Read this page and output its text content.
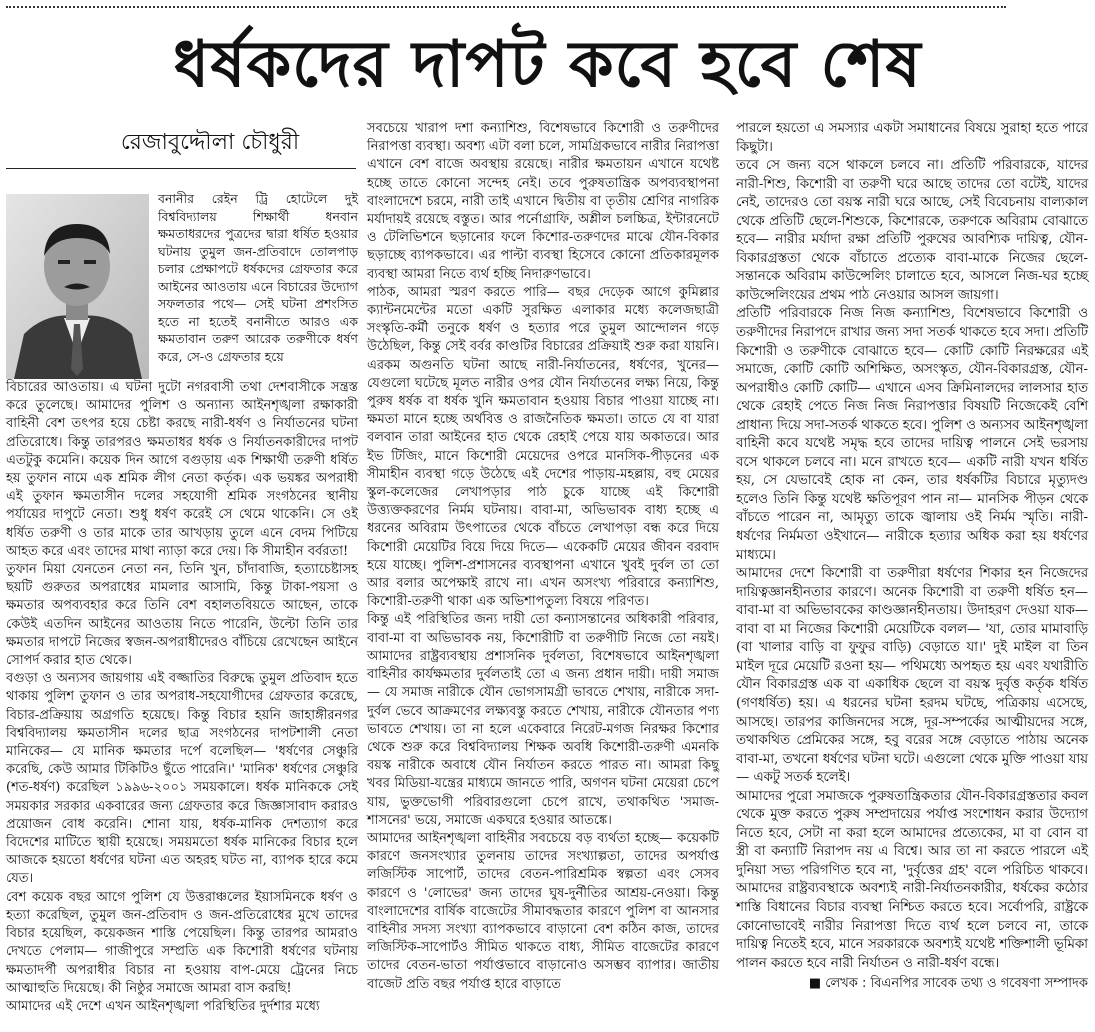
ধর্ষকদের দাপট কবে হবে শেষ
রেজাবুদ্দৌলা চৌধুরী

বনানীর রেইন ট্রি হোটেলে দুই বিশ্ববিদ্যালয় শিক্ষার্থী ধনবান ক্ষমতাধরদের পুত্রদের দ্বারা ধর্ষিত হওয়ার ঘটনায় তুমুল জন-প্রতিবাদে তোলপাড় চলার প্রেক্ষাপটে ধর্ষকদের গ্রেফতার করে আইনের আওতায় এনে বিচারের উদ্যোগ সফলতার পথে— সেই ঘটনা প্রশংসিত হতে না হতেই বনানীতে আরও এক ক্ষমতাবান তরুণ আরেক তরুণীকে ধর্ষণ করে, সে-ও গ্রেফতার হয়ে

বিচারের আওতায়। এ ঘটনা দুটো নগরবাসী তথা দেশবাসীকে সন্ত্রস্ত করে তুলেছে। আমাদের পুলিশ ও অন্যান্য আইনশৃঙ্খলা রক্ষাকারী বাহিনী বেশ তৎপর হয়ে চেষ্টা করছে নারী-ধর্ষণ ও নির্যাতনের ঘটনা প্রতিরোধে। কিন্তু তারপরও ক্ষমতাধর ধর্ষক ও নির্যাতনকারীদের দাপট এতটুকু কমেনি। কয়েক দিন আগে বগুড়ায় এক শিক্ষার্থী তরুণী ধর্ষিত হয় তুফান নামে এক শ্রমিক লীগ নেতা কর্তৃক। এক ভয়ঙ্কর অপরাধী এই তুফান ক্ষমতাসীন দলের সহযোগী শ্রমিক সংগঠনের স্থানীয় পর্যায়ের দাপুটে নেতা। শুধু ধর্ষণ করেই সে থেমে থাকেনি। সে ওই ধর্ষিত তরুণী ও তার মাকে তার আখড়ায় তুলে এনে বেদম পিটিয়ে আহত করে এবং তাদের মাথা ন্যাড়া করে দেয়। কি সীমাহীন বর্বরতা!

তুফান মিয়া যেনতেন নেতা নন, তিনি খুন, চাঁদাবাজি, হত্যাচেষ্টাসহ ছয়টি গুরুতর অপরাধের মামলার আসামি, কিন্তু টাকা-পয়সা ও ক্ষমতার অপব্যবহার করে তিনি বেশ বহালতবিয়তে আছেন, তাকে কেউই এতদিন আইনের আওতায় নিতে পারেনি, উল্টো তিনি তার ক্ষমতার দাপটে নিজের স্বজন-অপরাধীদেরও বাঁচিয়ে রেখেছেন আইনে সোপর্দ করার হাত থেকে।

বগুড়া ও অন্যসব জায়গায় এই বজ্জাতির বিরুদ্ধে তুমুল প্রতিবাদ হতে থাকায় পুলিশ তুফান ও তার অপরাধ-সহযোগীদের গ্রেফতার করেছে, বিচার-প্রক্রিয়ায় অগ্রগতি হয়েছে। কিন্তু বিচার হয়নি জাহাঙ্গীরনগর বিশ্ববিদ্যালয় ক্ষমতাসীন দলের ছাত্র সংগঠনের দাপটশালী নেতা মানিকের— যে মানিক ক্ষমতার দর্পে বলেছিল— 'ধর্ষণের সেঞ্চুরি করেছি, কেউ আমার টিকিটিও ছুঁতে পারেনি।' 'মানিক' ধর্ষণের সেঞ্চুরি (শত-ধর্ষণ) করেছিল ১৯৯৬-২০০১ সময়কালে। ধর্ষক মানিককে সেই সময়কার সরকার একবারের জন্য গ্রেফতার করে জিজ্ঞাসাবাদ করারও প্রয়োজন বোধ করেনি। শোনা যায়, ধর্ষক-মানিক দেশত্যাগ করে বিদেশের মাটিতে স্থায়ী হয়েছে। সময়মতো ধর্ষক মানিকের বিচার হলে আজকে হয়তো ধর্ষণের ঘটনা এত অহরহ ঘটত না, ব্যাপক হারে কমে যেত।

বেশ কয়েক বছর আগে পুলিশ যে উত্তরাঞ্চলের ইয়াসমিনকে ধর্ষণ ও হত্যা করেছিল, তুমুল জন-প্রতিবাদ ও জন-প্রতিরোধের মুখে তাদের বিচার হয়েছিল, কয়েকজন শাস্তি পেয়েছিল। কিন্তু তারপর আমরাও দেখতে পেলাম— গাজীপুরে সম্প্রতি এক কিশোরী ধর্ষণের ঘটনায় ক্ষমতাদর্পী অপরাধীর বিচার না হওয়ায় বাপ-মেয়ে ট্রেনের নিচে আত্মাহুতি দিয়েছে। কী নিষ্ঠুর সমাজে আমরা বাস করছি!

আমাদের এই দেশে এখন আইনশৃঙ্খলা পরিস্থিতির দুর্দশার মধ্যে

সবচেয়ে খারাপ দশা কন্যাশিশু, বিশেষভাবে কিশোরী ও তরুণীদের নিরাপত্তা ব্যবস্থা। অবশ্য এটা বলা চলে, সামগ্রিকভাবে নারীর নিরাপত্তা এখানে বেশ বাজে অবস্থায় রয়েছে। নারীর ক্ষমতায়ন এখানে যথেষ্ট হচ্ছে তাতে কোনো সন্দেহ নেই। তবে পুরুষতান্ত্রিক অপব্যবস্থাপনা বাংলাদেশে চরমে, নারী তাই এখানে দ্বিতীয় বা তৃতীয় শ্রেণির নাগরিক মর্যাদায়ই রয়েছে বস্তুত। আর পর্নোগ্রাফি, অশ্লীল চলচ্চিত্র, ইন্টারনেটে ও টেলিভিশনে ছড়ানোর ফলে কিশোর-তরুণদের মাঝে যৌন-বিকার ছড়াচ্ছে ব্যাপকভাবে। এর পাল্টা ব্যবস্থা হিসেবে কোনো প্রতিকারমূলক ব্যবস্থা আমরা নিতে ব্যর্থ হচ্ছি নিদারুণভাবে।

পাঠক, আমরা স্মরণ করতে পারি— বছর দেড়েক আগে কুমিল্লার ক্যান্টনমেন্টের মতো একটি সুরক্ষিত এলাকার মধ্যে কলেজছাত্রী সংস্কৃতি-কর্মী তনুকে ধর্ষণ ও হত্যার পরে তুমুল আন্দোলন গড়ে উঠেছিল, কিন্তু সেই বর্বর কাণ্ডটির বিচারের প্রক্রিয়াই শুরু করা যায়নি। এরকম অগুনতি ঘটনা আছে নারী-নির্যাতনের, ধর্ষণের, খুনের— যেগুলো ঘটেছে মূলত নারীর ওপর যৌন নির্যাতনের লক্ষ্য নিয়ে, কিন্তু পুরুষ ধর্ষক বা ধর্ষক খুনি ক্ষমতাবান হওয়ায় বিচার পাওয়া যাচ্ছে না। ক্ষমতা মানে হচ্ছে অর্থবিত্ত ও রাজনৈতিক ক্ষমতা। তাতে যে বা যারা বলবান তারা আইনের হাত থেকে রেহাই পেয়ে যায় অকাতরে। আর ইভ টিজিং, মানে কিশোরী মেয়েদের ওপরে মানসিক-পীড়নের এক সীমাহীন ব্যবস্থা গড়ে উঠেছে এই দেশের পাড়ায়-মহল্লায়, বহু মেয়ের স্কুল-কলেজের লেখাপড়ার পাঠ চুকে যাচ্ছে এই কিশোরী উত্ত্যক্তকরণের নির্মম ঘটনায়। বাবা-মা, অভিভাবক বাধ্য হচ্ছে এ ধরনের অবিরাম উৎপাতের থেকে বাঁচতে লেখাপড়া বন্ধ করে দিয়ে কিশোরী মেয়েটির বিয়ে দিয়ে দিতে— একেকটি মেয়ের জীবন বরবাদ হয়ে যাচ্ছে। পুলিশ-প্রশাসনের ব্যবস্থাপনা এখানে খুবই দুর্বল তা তো আর বলার অপেক্ষাই রাখে না। এখন অসংখ্য পরিবারে কন্যাশিশু, কিশোরী-তরুণী থাকা এক অভিশাপতুল্য বিষয়ে পরিণত।

কিন্তু এই পরিস্থিতির জন্য দায়ী তো কন্যাসন্তানের অধিকারী পরিবার, বাবা-মা বা অভিভাবক নয়, কিশোরীটি বা তরুণীটি নিজে তো নয়ই। আমাদের রাষ্ট্রব্যবস্থায় প্রশাসনিক দুর্বলতা, বিশেষভাবে আইনশৃঙ্খলা বাহিনীর কার্যক্ষমতার দুর্বলতাই তো এ জন্য প্রধান দায়ী। দায়ী সমাজ— যে সমাজ নারীকে যৌন ভোগসামগ্রী ভাবতে শেখায়, নারীকে সদা-দুর্বল ভেবে আক্রমণের লক্ষ্যবস্তু করতে শেখায়, নারীকে যৌনতার পণ্য ভাবতে শেখায়। তা না হলে একেবারে নিরেট-মগজ নিরক্ষর কিশোর থেকে শুরু করে বিশ্ববিদ্যালয় শিক্ষক অবধি কিশোরী-তরুণী এমনকি বয়স্ক নারীকে অবাধে যৌন নির্যাতন করতে পারত না। আমরা কিছু খবর মিডিয়া-যন্ত্রের মাধ্যমে জানতে পারি, অগণন ঘটনা মেয়েরা চেপে যায়, ভুক্তভোগী পরিবারগুলো চেপে রাখে, তথাকথিত 'সমাজ-শাসনের' ভয়ে, সমাজে একঘরে হওয়ার আতঙ্কে।

আমাদের আইনশৃঙ্খলা বাহিনীর সবচেয়ে বড় ব্যর্থতা হচ্ছে— কয়েকটি কারণে জনসংখ্যার তুলনায় তাদের সংখ্যাল্পতা, তাদের অপর্যাপ্ত লজিস্টিক সাপোর্ট, তাদের বেতন-পারিশ্রমিক স্বল্পতা এবং সেসব কারণে ও 'লোভের' জন্য তাদের ঘুষ-দুর্নীতির আশ্রয়-নেওয়া। কিন্তু বাংলাদেশের বার্ষিক বাজেটের সীমাবদ্ধতার কারণে পুলিশ বা আনসার বাহিনীর সদস্য সংখ্যা ব্যাপকভাবে বাড়ানো বেশ কঠিন কাজ, তাদের লজিস্টিক-সাপোর্টও সীমিত থাকতে বাধ্য, সীমিত বাজেটের কারণে তাদের বেতন-ভাতা পর্যাপ্তভাবে বাড়ানোও অসম্ভব ব্যাপার। জাতীয় বাজেট প্রতি বছর পর্যাপ্ত হারে বাড়াতে

পারলে হয়তো এ সমস্যার একটা সমাধানের বিষয়ে সুরাহা হতে পারে কিছুটা।

তবে সে জন্য বসে থাকলে চলবে না। প্রতিটি পরিবারকে, যাদের নারী-শিশু, কিশোরী বা তরুণী ঘরে আছে তাদের তো বটেই, যাদের নেই, তাদেরও তো বয়স্ক নারী ঘরে আছে, সেই বিবেচনায় বাল্যকাল থেকে প্রতিটি ছেলে-শিশুকে, কিশোরকে, তরুণকে অবিরাম বোঝাতে হবে— নারীর মর্যাদা রক্ষা প্রতিটি পুরুষের আবশ্যিক দায়িত্ব, যৌন-বিকারগ্রস্ততা থেকে বাঁচাতে প্রত্যেক বাবা-মাকে নিজের ছেলে-সন্তানকে অবিরাম কাউন্সেলিং চালাতে হবে, আসলে নিজ-ঘর হচ্ছে কাউন্সেলিংয়ের প্রথম পাঠ নেওয়ার আসল জায়গা।

প্রতিটি পরিবারকে নিজ নিজ কন্যাশিশু, বিশেষভাবে কিশোরী ও তরুণীদের নিরাপদে রাখার জন্য সদা সতর্ক থাকতে হবে সদা। প্রতিটি কিশোরী ও তরুণীকে বোঝাতে হবে— কোটি কোটি নিরক্ষরের এই সমাজে, কোটি কোটি অশিক্ষিত, অসংস্কৃত, যৌন-বিকারগ্রস্ত, যৌন-অপরাধীও কোটি কোটি— এখানে এসব ক্রিমিনালদের লালসার হাত থেকে রেহাই পেতে নিজ নিজ নিরাপত্তার বিষয়টি নিজেকেই বেশি প্রাধান্য দিয়ে সদা-সতর্ক থাকতে হবে। পুলিশ ও অন্যসব আইনশৃঙ্খলা বাহিনী কবে যথেষ্ট সমৃদ্ধ হবে তাদের দায়িত্ব পালনে সেই ভরসায় বসে থাকলে চলবে না। মনে রাখতে হবে— একটি নারী যখন ধর্ষিত হয়, সে যেভাবেই হোক না কেন, তার ধর্ষকটির বিচারে মৃত্যুদণ্ড হলেও তিনি কিন্তু যথেষ্ট ক্ষতিপূরণ পান না— মানসিক পীড়ন থেকে বাঁচতে পারেন না, আমৃত্যু তাকে জ্বালায় ওই নির্মম স্মৃতি। নারী-ধর্ষণের নির্মমতা ওইখানে— নারীকে হত্যার অধিক করা হয় ধর্ষণের মাধ্যমে।

আমাদের দেশে কিশোরী বা তরুণীরা ধর্ষণের শিকার হন নিজেদের দায়িত্বজ্ঞানহীনতার কারণে। অনেক কিশোরী বা তরুণী ধর্ষিত হন— বাবা-মা বা অভিভাবকের কাণ্ডজ্ঞানহীনতায়। উদাহরণ দেওয়া যাক— বাবা বা মা নিজের কিশোরী মেয়েটিকে বলল— 'যা, তোর মামাবাড়ি (বা খালার বাড়ি বা ফুফুর বাড়ি) বেড়াতে যা।' দুই মাইল বা তিন মাইল দূরে মেয়েটি রওনা হয়— পথিমধ্যে অপহৃত হয় এবং যথারীতি যৌন বিকারগ্রস্ত এক বা একাধিক ছেলে বা বয়স্ক দুর্বৃত্ত কর্তৃক ধর্ষিত (গণধর্ষিত) হয়। এ ধরনের ঘটনা হরদম ঘটছে, পত্রিকায় এসেছে, আসছে। তারপর কাজিনদের সঙ্গে, দূর-সম্পর্কের আত্মীয়দের সঙ্গে, তথাকথিত প্রেমিকের সঙ্গে, হবু বরের সঙ্গে বেড়াতে পাঠায় অনেক বাবা-মা, তখনো ধর্ষণের ঘটনা ঘটে। এগুলো থেকে মুক্তি পাওয়া যায়— একটু সতর্ক হলেই।

আমাদের পুরো সমাজকে পুরুষতান্ত্রিকতার যৌন-বিকারগ্রস্ততার কবল থেকে মুক্ত করতে পুরুষ সম্প্রদায়ের পর্যাপ্ত সংশোধন করার উদ্যোগ নিতে হবে, সেটা না করা হলে আমাদের প্রত্যেকের, মা বা বোন বা স্ত্রী বা কন্যাটি নিরাপদ নয় এ বিশ্বে। আর তা না করতে পারলে এই দুনিয়া সভ্য পরিগণিত হবে না, 'দুর্বৃত্তের গ্রহ' বলে পরিচিত থাকবে। আমাদের রাষ্ট্রব্যবস্থাকে অবশ্যই নারী-নির্যাতনকারীর, ধর্ষকের কঠোর শাস্তি বিধানের বিচার ব্যবস্থা নিশ্চিত করতে হবে। সর্বোপরি, রাষ্ট্রকে কোনোভাবেই নারীর নিরাপত্তা দিতে ব্যর্থ হলে চলবে না, তাকে দায়িত্ব নিতেই হবে, মানে সরকারকে অবশ্যই যথেষ্ট শক্তিশালী ভূমিকা পালন করতে হবে নারী নির্যাতন ও নারী-ধর্ষণ বন্ধে।

■ লেখক : বিএনপির সাবেক তথ্য ও গবেষণা সম্পাদক
